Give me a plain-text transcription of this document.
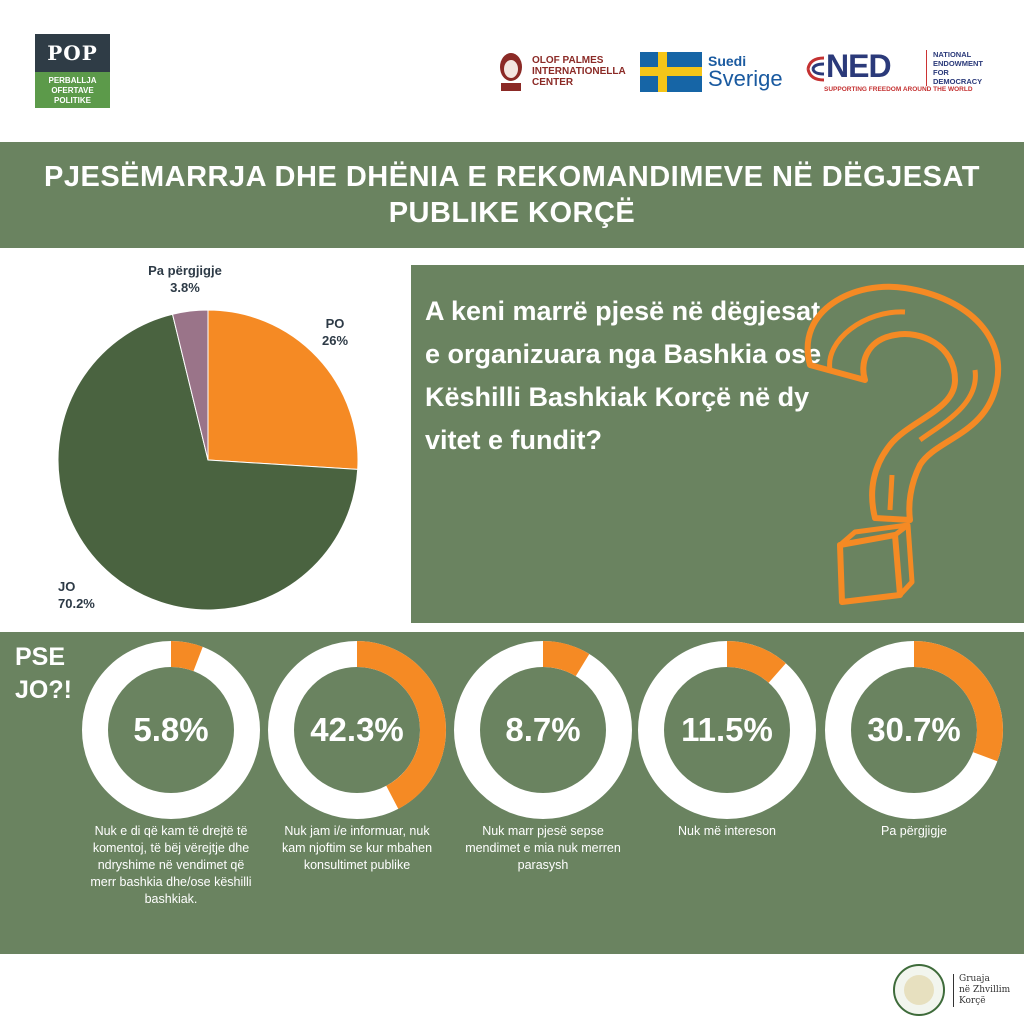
POP
PERBALLJA OFERTAVE POLITIKE
OLOF PALMES INTERNATIONELLA CENTER
Suedi
Sverige NED	NATIONAL ENDOWMENT FOR DEMOCRACY
SUPPORTING FREEDOM AROUND THE WORLD
PJESËMARRJA DHE DHËNIA E REKOMANDIMEVE NË DËGJESAT PUBLIKE KORÇË
Pa përgjigje
3.8%
PO
26%
JO
70.2%
A keni marrë pjesë në dëgjesat e organizuara nga Bashkia ose Këshilli Bashkiak Korçë në dy vitet e fundit?
PSE
JO?!
5.8%
Nuk e di që kam të drejtë të komentoj, të bëj vërejtje dhe ndryshime në vendimet që merr bashkia dhe/ose këshilli bashkiak.
42.3%
Nuk jam i/e informuar, nuk kam njoftim se kur mbahen konsultimet publike
8.7%
Nuk marr pjesë sepse mendimet e mia nuk merren parasysh
11.5%
Nuk më intereson
30.7%
Pa përgjigje
Gruaja
në Zhvillim
Korçë
